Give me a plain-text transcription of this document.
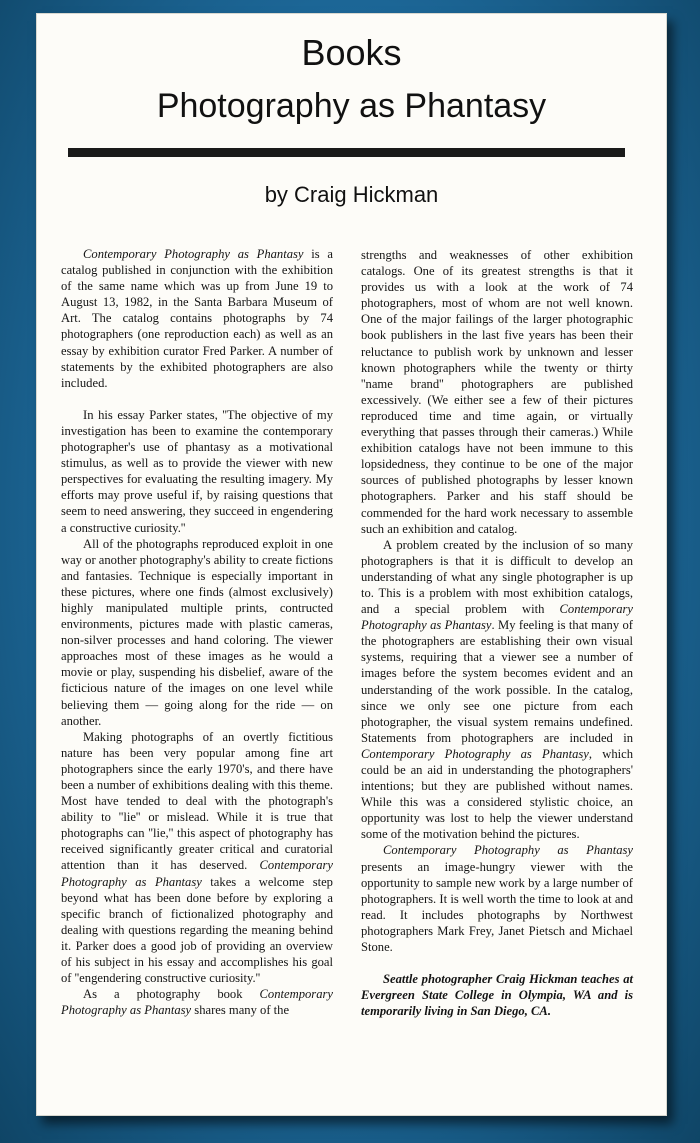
Books
Photography as Phantasy
by Craig Hickman

Contemporary Photography as Phantasy is a catalog published in conjunction with the exhibition of the same name which was up from June 19 to August 13, 1982, in the Santa Barbara Museum of Art. The catalog contains photographs by 74 photographers (one reproduction each) as well as an essay by exhibition curator Fred Parker. A number of statements by the exhibited photographers are also included.

In his essay Parker states, ''The objective of my investigation has been to examine the contemporary photographer's use of phantasy as a motivational stimulus, as well as to provide the viewer with new perspectives for evaluating the resulting imagery. My efforts may prove useful if, by raising questions that seem to need answering, they succeed in engendering a constructive curiosity.''

All of the photographs reproduced exploit in one way or another photography's ability to create fictions and fantasies. Technique is especially important in these pictures, where one finds (almost exclusively) highly manipulated multiple prints, contructed environments, pictures made with plastic cameras, non-silver processes and hand coloring. The viewer approaches most of these images as he would a movie or play, suspending his disbelief, aware of the ficticious nature of the images on one level while believing them — going along for the ride — on another.

Making photographs of an overtly fictitious nature has been very popular among fine art photographers since the early 1970's, and there have been a number of exhibitions dealing with this theme. Most have tended to deal with the photograph's ability to ''lie'' or mislead. While it is true that photographs can ''lie,'' this aspect of photography has received significantly greater critical and curatorial attention than it has deserved. Contemporary Photography as Phantasy takes a welcome step beyond what has been done before by exploring a specific branch of fictionalized photography and dealing with questions regarding the meaning behind it. Parker does a good job of providing an overview of his subject in his essay and accomplishes his goal of ''engendering constructive curiosity.''

As a photography book Contemporary Photography as Phantasy shares many of the

strengths and weaknesses of other exhibition catalogs. One of its greatest strengths is that it provides us with a look at the work of 74 photographers, most of whom are not well known. One of the major failings of the larger photographic book publishers in the last five years has been their reluctance to publish work by unknown and lesser known photographers while the twenty or thirty ''name brand'' photographers are published excessively. (We either see a few of their pictures reproduced time and time again, or virtually everything that passes through their cameras.) While exhibition catalogs have not been immune to this lopsidedness, they continue to be one of the major sources of published photographs by lesser known photographers. Parker and his staff should be commended for the hard work necessary to assemble such an exhibition and catalog.

A problem created by the inclusion of so many photographers is that it is difficult to develop an understanding of what any single photographer is up to. This is a problem with most exhibition catalogs, and a special problem with Contemporary Photography as Phantasy. My feeling is that many of the photographers are establishing their own visual systems, requiring that a viewer see a number of images before the system becomes evident and an understanding of the work possible. In the catalog, since we only see one picture from each photographer, the visual system remains undefined. Statements from photographers are included in Contemporary Photography as Phantasy, which could be an aid in understanding the photographers' intentions; but they are published without names. While this was a considered stylistic choice, an opportunity was lost to help the viewer understand some of the motivation behind the pictures.

Contemporary Photography as Phantasy presents an image-hungry viewer with the opportunity to sample new work by a large number of photographers. It is well worth the time to look at and read. It includes photographs by Northwest photographers Mark Frey, Janet Pietsch and Michael Stone.

Seattle photographer Craig Hickman teaches at Evergreen State College in Olympia, WA and is temporarily living in San Diego, CA.
